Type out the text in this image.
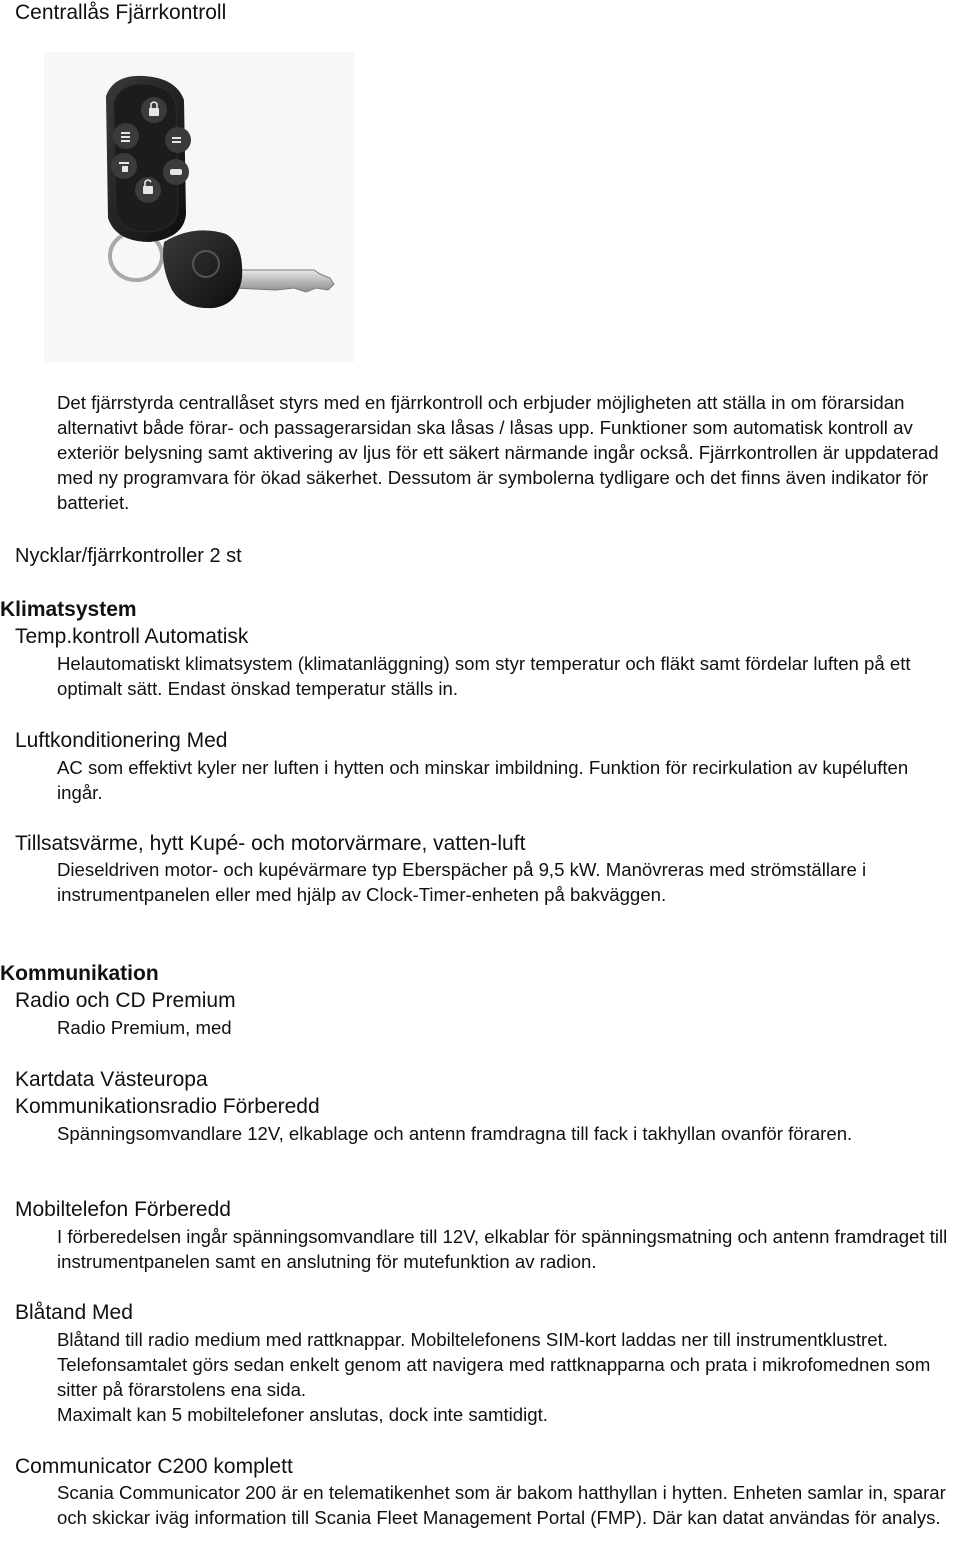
Centrallås Fjärrkontroll

Det fjärrstyrda centrallåset styrs med en fjärrkontroll och erbjuder möjligheten att ställa in om förarsidan alternativt både förar- och passagerarsidan ska låsas / låsas upp. Funktioner som automatisk kontroll av exteriör belysning samt aktivering av ljus för ett säkert närmande ingår också. Fjärrkontrollen är uppdaterad med ny programvara för ökad säkerhet. Dessutom är symbolerna tydligare och det finns även indikator för batteriet.

Nycklar/fjärrkontroller 2 st
Klimatsystem
Temp.kontroll Automatisk

Helautomatiskt klimatsystem (klimatanläggning) som styr temperatur och fläkt samt fördelar luften på ett optimalt sätt. Endast önskad temperatur ställs in.

Luftkonditionering Med

AC som effektivt kyler ner luften i hytten och minskar imbildning. Funktion för recirkulation av kupéluften ingår.

Tillsatsvärme, hytt Kupé- och motorvärmare, vatten-luft

Dieseldriven motor- och kupévärmare typ Eberspächer på 9,5 kW. Manövreras med strömställare i instrumentpanelen eller med hjälp av Clock-Timer-enheten på bakväggen.

Kommunikation
Radio och CD Premium

Radio Premium, med

Kartdata Västeuropa
Kommunikationsradio Förberedd

Spänningsomvandlare 12V, elkablage och antenn framdragna till fack i takhyllan ovanför föraren.

Mobiltelefon Förberedd

I förberedelsen ingår spänningsomvandlare till 12V, elkablar för spänningsmatning och antenn framdraget till instrumentpanelen samt en anslutning för mutefunktion av radion.

Blåtand Med

Blåtand till radio medium med rattknappar. Mobiltelefonens SIM-kort laddas ner till instrumentklustret. Telefonsamtalet görs sedan enkelt genom att navigera med rattknapparna och prata i mikrofomednen som sitter på förarstolens ena sida.

Maximalt kan 5 mobiltelefoner anslutas, dock inte samtidigt.

Communicator C200 komplett

Scania Communicator 200 är en telematikenhet som är bakom hatthyllan i hytten. Enheten samlar in, sparar och skickar iväg information till Scania Fleet Management Portal (FMP). Där kan datat användas för analys.
